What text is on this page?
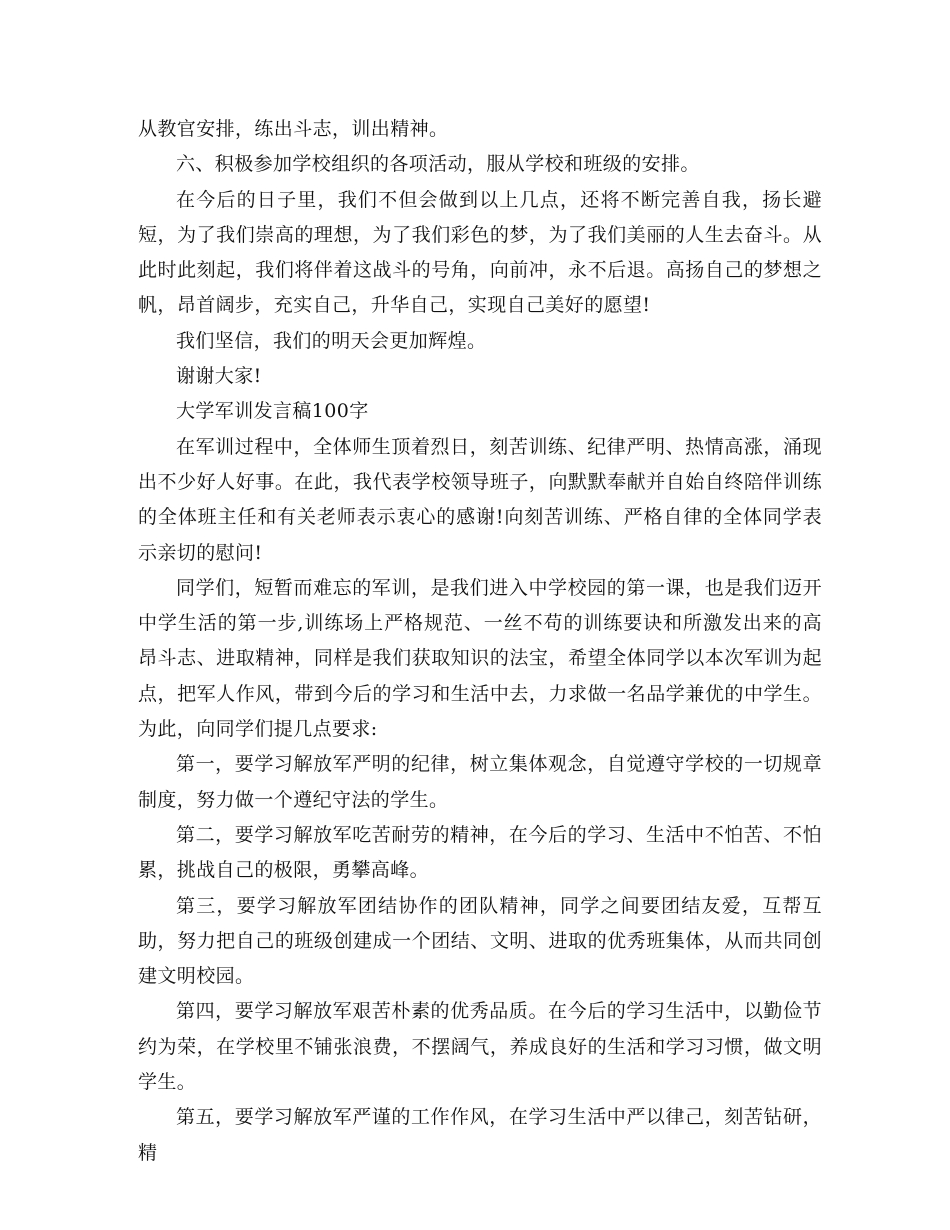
从教官安排，练出斗志，训出精神。

六、积极参加学校组织的各项活动，服从学校和班级的安排。

在今后的日子里，我们不但会做到以上几点，还将不断完善自我，扬长避短，为了我们崇高的理想，为了我们彩色的梦，为了我们美丽的人生去奋斗。从此时此刻起，我们将伴着这战斗的号角，向前冲，永不后退。高扬自己的梦想之帆，昂首阔步，充实自己，升华自己，实现自己美好的愿望!

我们坚信，我们的明天会更加辉煌。

谢谢大家!

大学军训发言稿100字

在军训过程中，全体师生顶着烈日，刻苦训练、纪律严明、热情高涨，涌现出不少好人好事。在此，我代表学校领导班子，向默默奉献并自始自终陪伴训练的全体班主任和有关老师表示衷心的感谢!向刻苦训练、严格自律的全体同学表示亲切的慰问!

同学们，短暂而难忘的军训，是我们进入中学校园的第一课，也是我们迈开中学生活的第一步,训练场上严格规范、一丝不苟的训练要诀和所激发出来的高昂斗志、进取精神，同样是我们获取知识的法宝，希望全体同学以本次军训为起点，把军人作风，带到今后的学习和生活中去，力求做一名品学兼优的中学生。为此，向同学们提几点要求:

第一，要学习解放军严明的纪律，树立集体观念，自觉遵守学校的一切规章制度，努力做一个遵纪守法的学生。

第二，要学习解放军吃苦耐劳的精神，在今后的学习、生活中不怕苦、不怕累，挑战自己的极限，勇攀高峰。

第三，要学习解放军团结协作的团队精神，同学之间要团结友爱，互帮互助，努力把自己的班级创建成一个团结、文明、进取的优秀班集体，从而共同创建文明校园。

第四，要学习解放军艰苦朴素的优秀品质。在今后的学习生活中，以勤俭节约为荣，在学校里不铺张浪费，不摆阔气，养成良好的生活和学习习惯，做文明学生。

第五，要学习解放军严谨的工作作风，在学习生活中严以律己，刻苦钻研，精
